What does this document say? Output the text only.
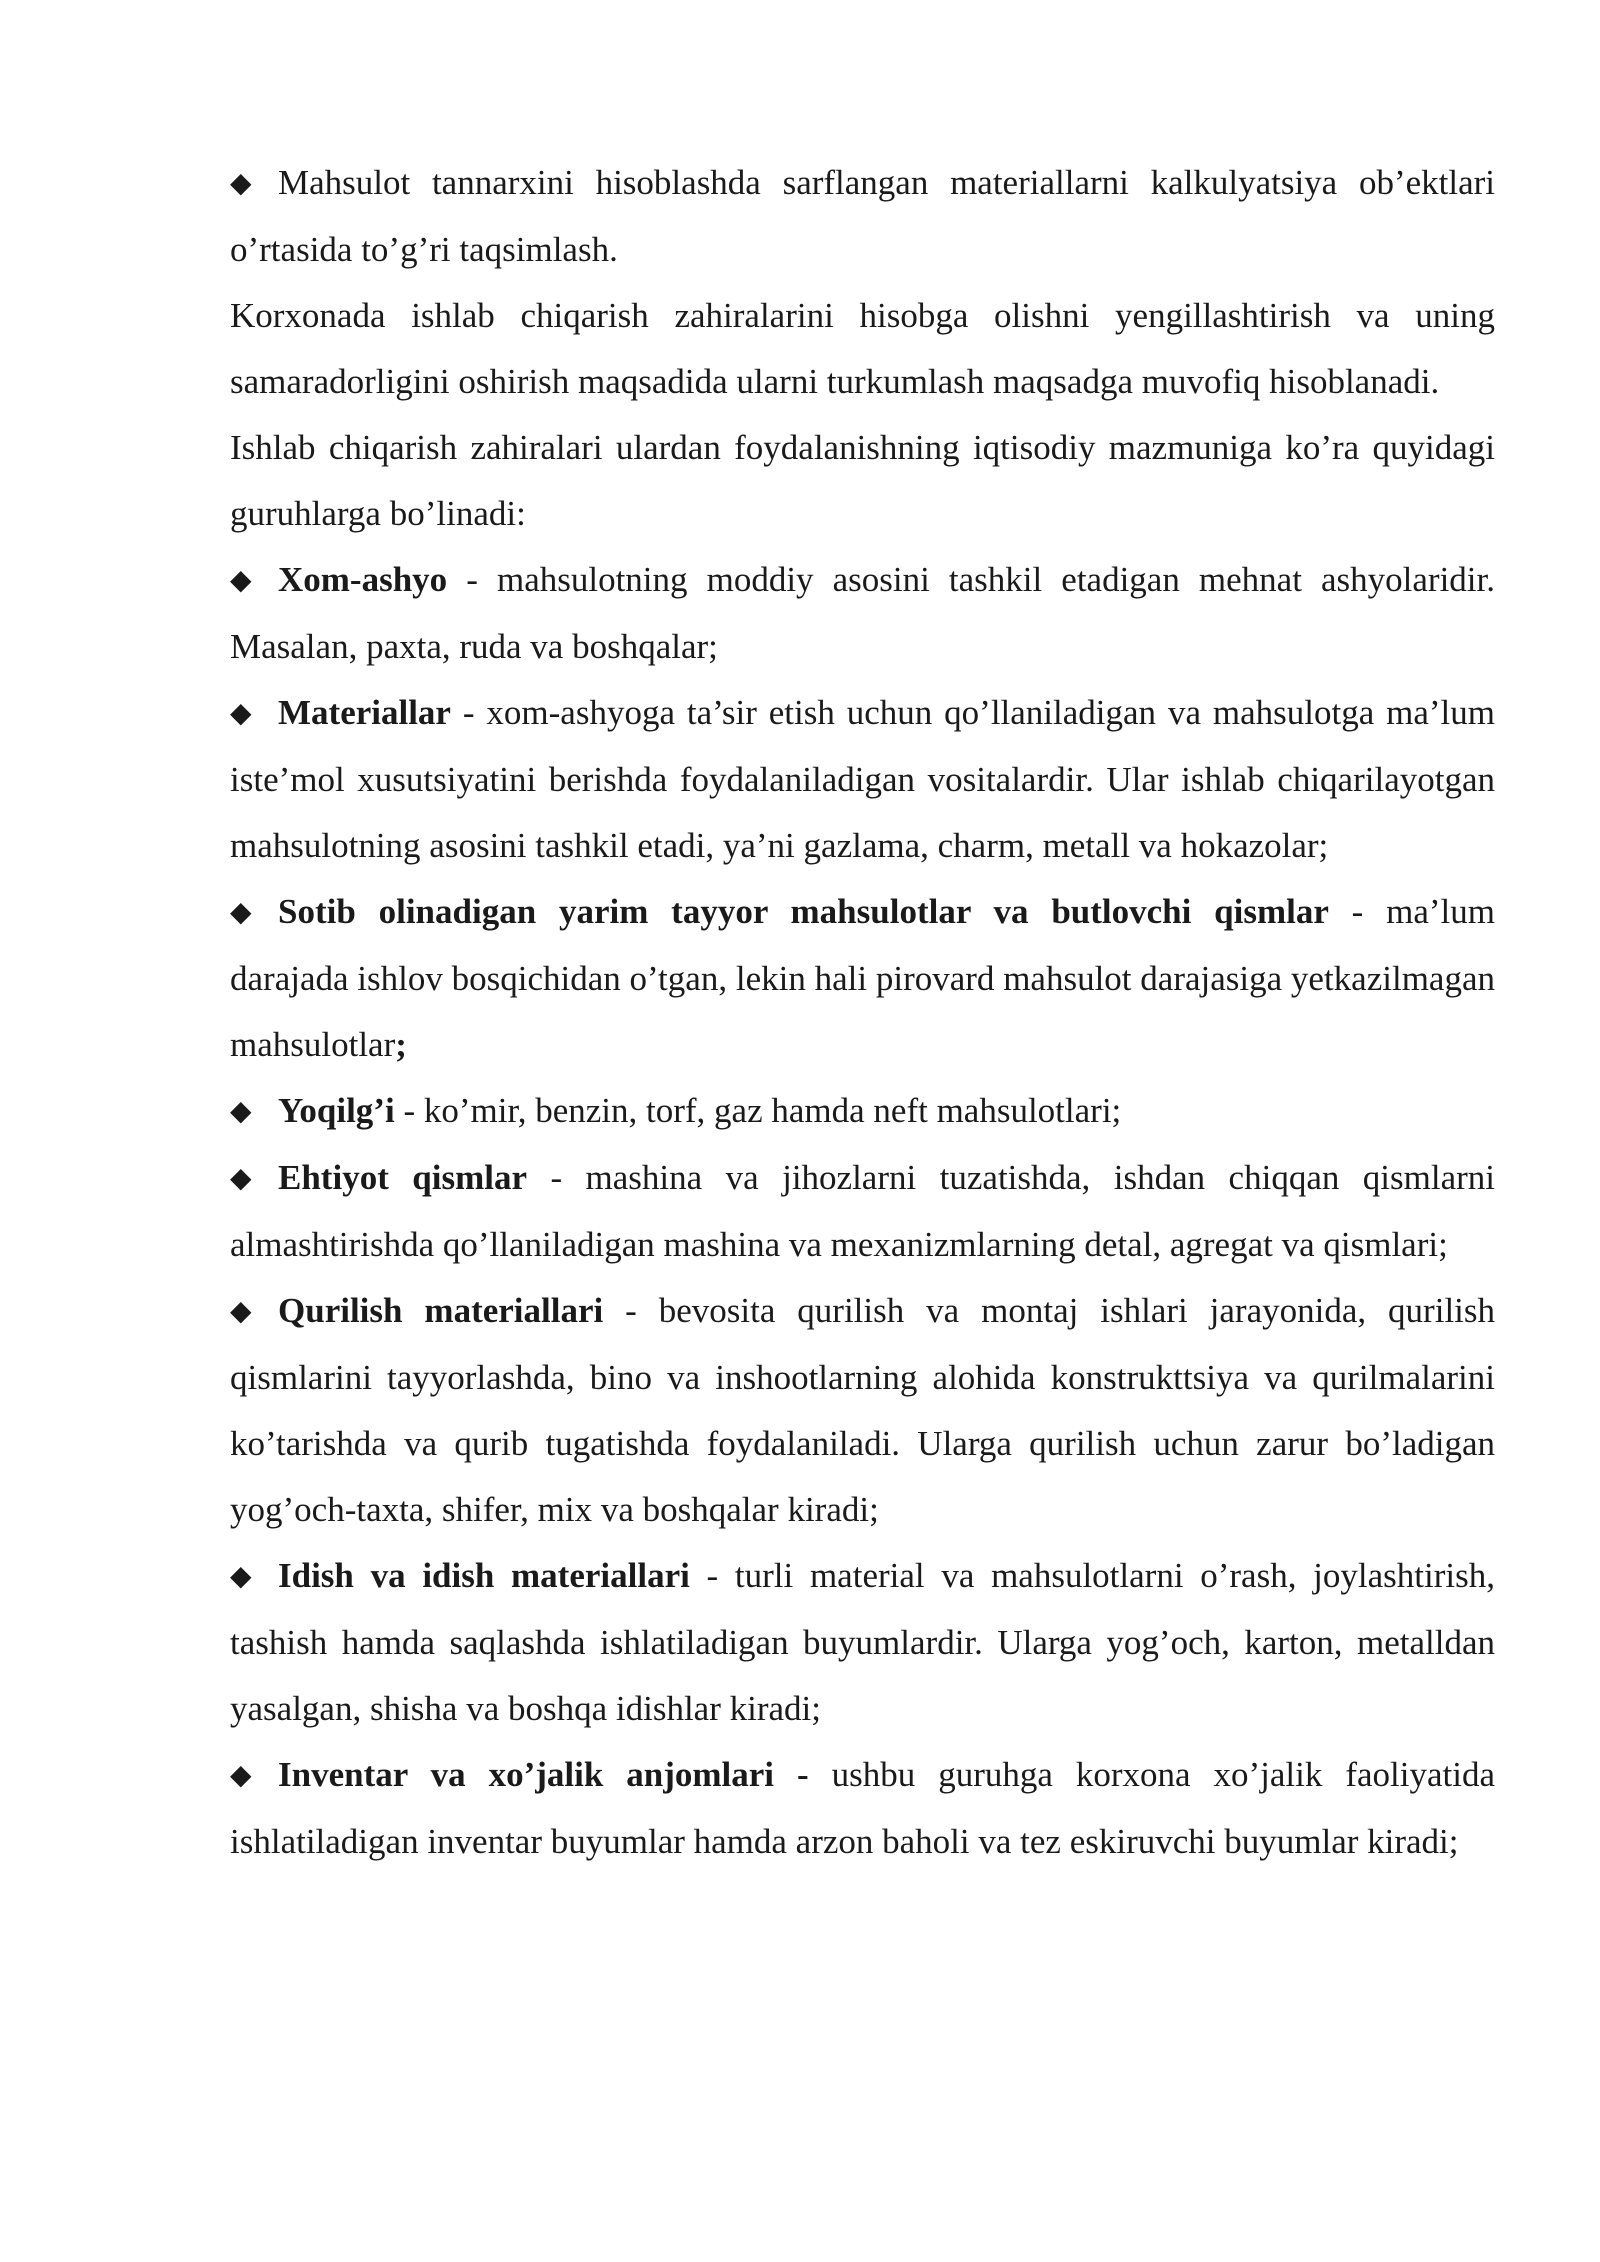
◆ Mahsulot tannarxini hisoblashda sarflangan materiallarni kalkulyatsiya ob’ektlari o’rtasida to’g’ri taqsimlash.

Korxonada ishlab chiqarish zahiralarini hisobga olishni yengillashtirish va uning samaradorligini oshirish maqsadida ularni turkumlash maqsadga muvofiq hisoblanadi.

Ishlab chiqarish zahiralari ulardan foydalanishning iqtisodiy mazmuniga ko’ra quyidagi guruhlarga bo’linadi:

◆ Xom-ashyo - mahsulotning moddiy asosini tashkil etadigan mehnat ashyolaridir. Masalan, paxta, ruda va boshqalar;

◆ Materiallar - xom-ashyoga ta’sir etish uchun qo’llaniladigan va mahsulotga ma’lum iste’mol xusutsiyatini berishda foydalaniladigan vositalardir. Ular ishlab chiqarilayotgan mahsulotning asosini tashkil etadi, ya’ni gazlama, charm, metall va hokazolar;

◆ Sotib olinadigan yarim tayyor mahsulotlar va butlovchi qismlar - ma’lum darajada ishlov bosqichidan o’tgan, lekin hali pirovard mahsulot darajasiga yetkazilmagan mahsulotlar;

◆ Yoqilg’i - ko’mir, benzin, torf, gaz hamda neft mahsulotlari;

◆ Ehtiyot qismlar - mashina va jihozlarni tuzatishda, ishdan chiqqan qismlarni almashtirishda qo’llaniladigan mashina va mexanizmlarning detal, agregat va qismlari;

◆ Qurilish materiallari - bevosita qurilish va montaj ishlari jarayonida, qurilish qismlarini tayyorlashda, bino va inshootlarning alohida konstrukttsiya va qurilmalarini ko’tarishda va qurib tugatishda foydalaniladi. Ularga qurilish uchun zarur bo’ladigan yog’och-taxta, shifer, mix va boshqalar kiradi;

◆ Idish va idish materiallari - turli material va mahsulotlarni o’rash, joylashtirish, tashish hamda saqlashda ishlatiladigan buyumlardir. Ularga yog’och, karton, metalldan yasalgan, shisha va boshqa idishlar kiradi;

◆ Inventar va xo’jalik anjomlari - ushbu guruhga korxona xo’jalik faoliyatida ishlatiladigan inventar buyumlar hamda arzon baholi va tez eskiruvchi buyumlar kiradi;
